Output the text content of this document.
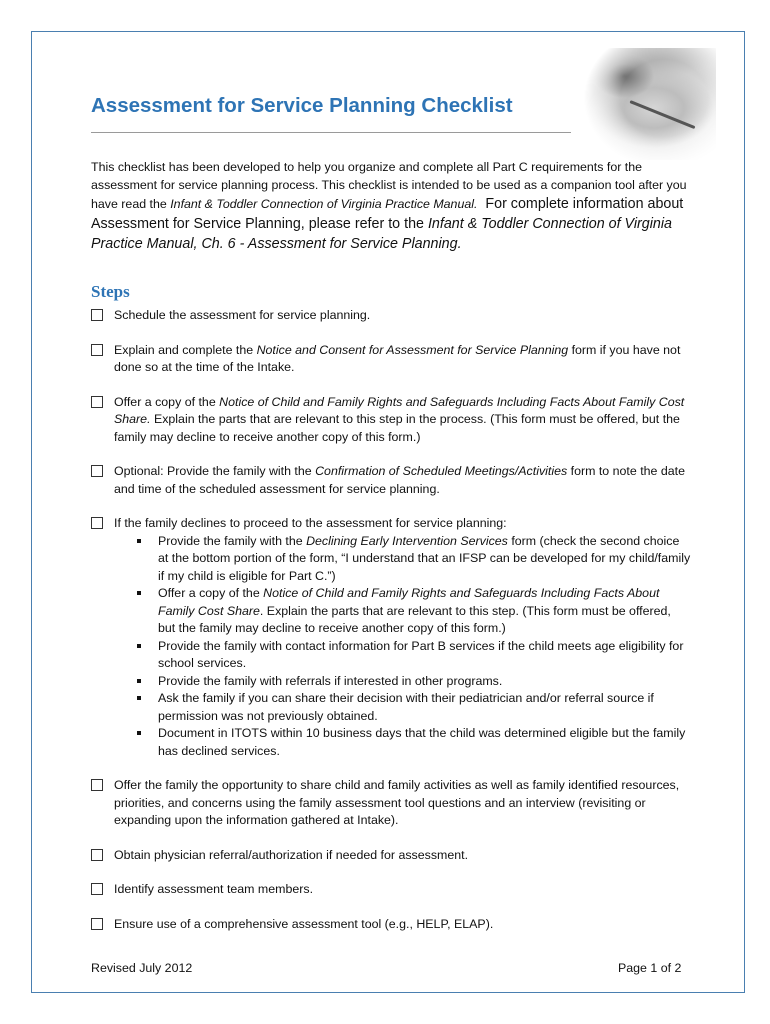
Assessment for Service Planning Checklist

This checklist has been developed to help you organize and complete all Part C requirements for the assessment for service planning process. This checklist is intended to be used as a companion tool after you have read the Infant & Toddler Connection of Virginia Practice Manual. For complete information about Assessment for Service Planning, please refer to the Infant & Toddler Connection of Virginia Practice Manual, Ch. 6 - Assessment for Service Planning.

Steps
Schedule the assessment for service planning.
Explain and complete the Notice and Consent for Assessment for Service Planning form if you have not done so at the time of the Intake.
Offer a copy of the Notice of Child and Family Rights and Safeguards Including Facts About Family Cost Share. Explain the parts that are relevant to this step in the process. (This form must be offered, but the family may decline to receive another copy of this form.)
Optional: Provide the family with the Confirmation of Scheduled Meetings/Activities form to note the date and time of the scheduled assessment for service planning.
If the family declines to proceed to the assessment for service planning:
Provide the family with the Declining Early Intervention Services form (check the second choice at the bottom portion of the form, “I understand that an IFSP can be developed for my child/family if my child is eligible for Part C.”)
Offer a copy of the Notice of Child and Family Rights and Safeguards Including Facts About Family Cost Share. Explain the parts that are relevant to this step. (This form must be offered, but the family may decline to receive another copy of this form.)
Provide the family with contact information for Part B services if the child meets age eligibility for school services.
Provide the family with referrals if interested in other programs.
Ask the family if you can share their decision with their pediatrician and/or referral source if permission was not previously obtained.
Document in ITOTS within 10 business days that the child was determined eligible but the family has declined services.
Offer the family the opportunity to share child and family activities as well as family identified resources, priorities, and concerns using the family assessment tool questions and an interview (revisiting or expanding upon the information gathered at Intake).
Obtain physician referral/authorization if needed for assessment.
Identify assessment team members.
Ensure use of a comprehensive assessment tool (e.g., HELP, ELAP).
Revised July 2012	Page 1 of 2
